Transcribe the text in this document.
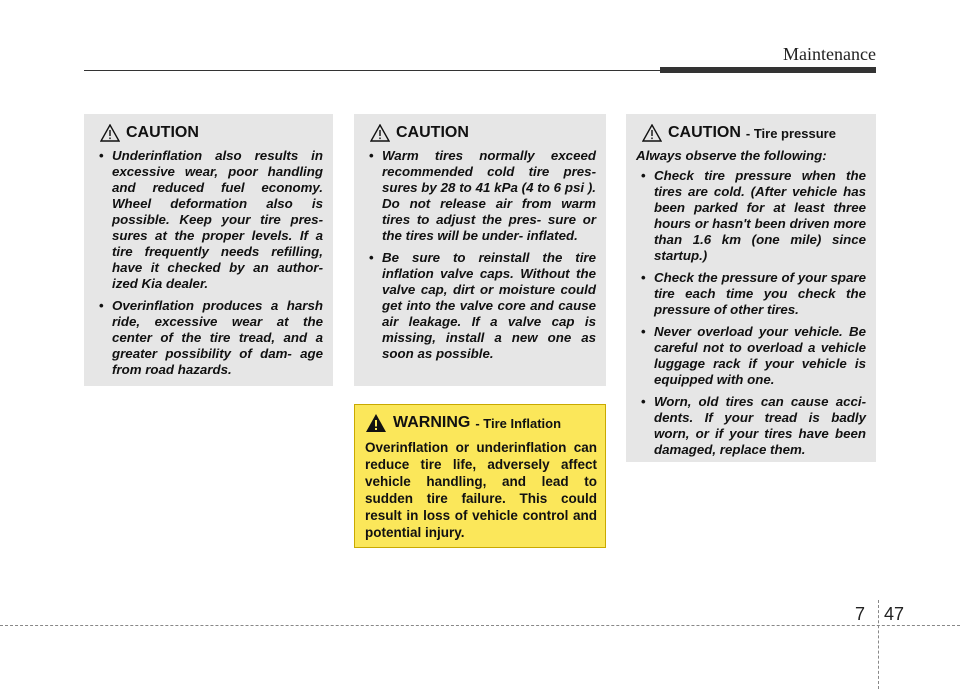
Maintenance
CAUTION
• Underinflation also results in excessive wear, poor handling and reduced fuel economy. Wheel deformation also is possible. Keep your tire pres- sures at the proper levels. If a tire frequently needs refilling, have it checked by an author- ized Kia dealer.
• Overinflation produces a harsh ride, excessive wear at the center of the tire tread, and a greater possibility of dam- age from road hazards.
CAUTION
• Warm tires normally exceed recommended cold tire pres- sures by 28 to 41 kPa (4 to 6 psi ). Do not release air from warm tires to adjust the pres- sure or the tires will be under- inflated.
• Be sure to reinstall the tire inflation valve caps. Without the valve cap, dirt or moisture could get into the valve core and cause air leakage. If a valve cap is missing, install a new one as soon as possible.
CAUTION - Tire pressure

Always observe the following:

• Check tire pressure when the tires are cold. (After vehicle has been parked for at least three hours or hasn't been driven more than 1.6 km (one mile) since startup.)
• Check the pressure of your spare tire each time you check the pressure of other tires.
• Never overload your vehicle. Be careful not to overload a vehicle luggage rack if your vehicle is equipped with one.
• Worn, old tires can cause acci- dents. If your tread is badly worn, or if your tires have been damaged, replace them.
WARNING - Tire Inflation

Overinflation or underinflation can reduce tire life, adversely affect vehicle handling, and lead to sudden tire failure. This could result in loss of vehicle control and potential injury.

7 47
